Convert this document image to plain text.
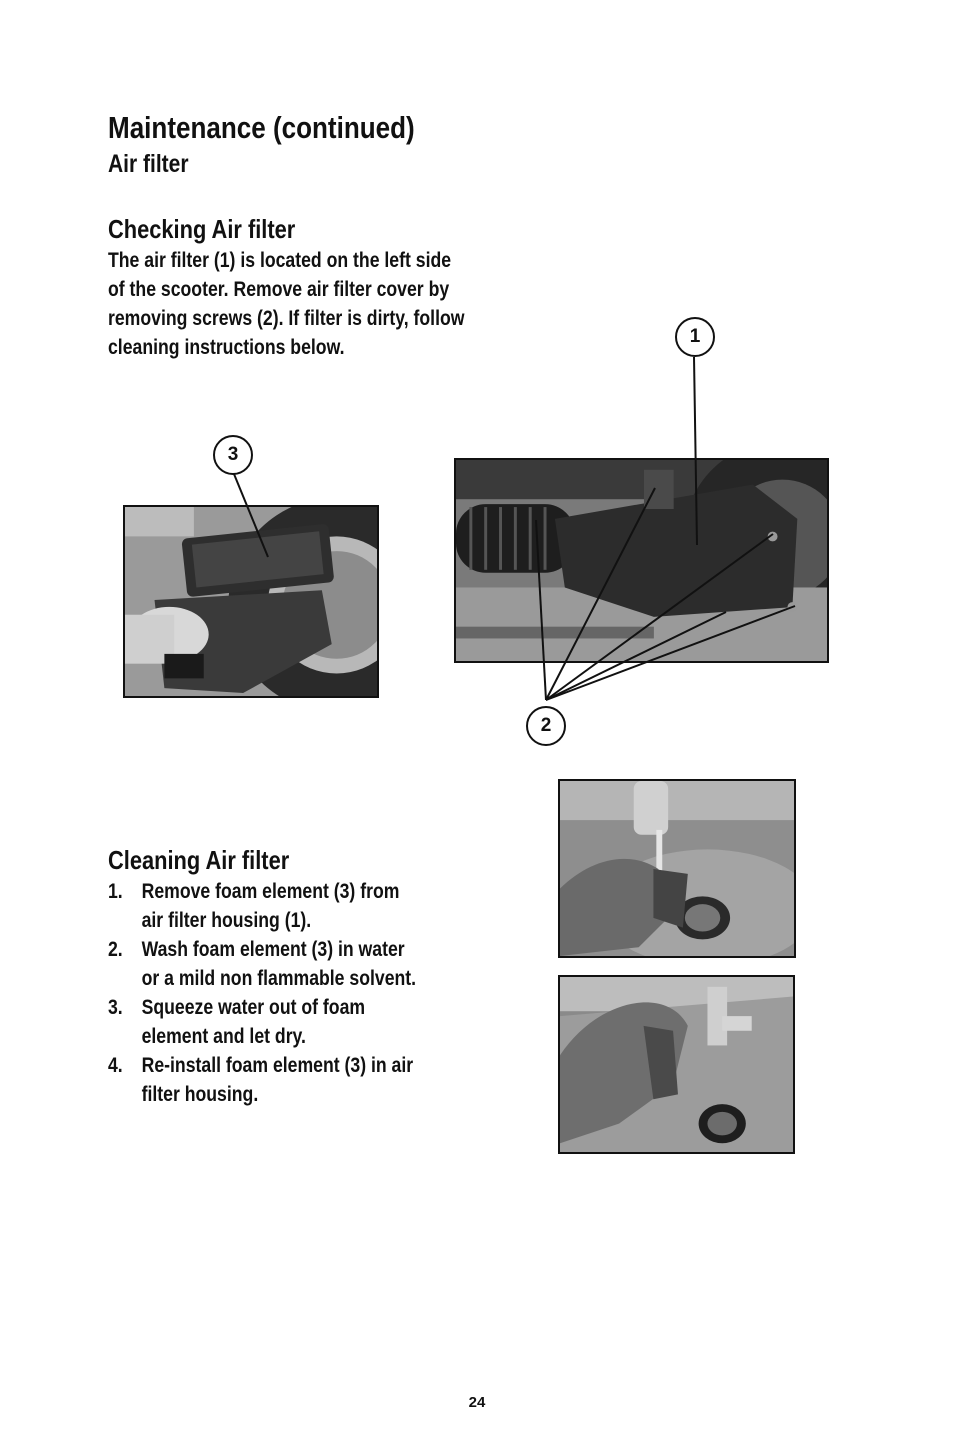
Maintenance (continued)
Air filter
Checking Air filter
The air filter (1) is located on the left side
of the scooter. Remove air filter cover by
removing screws (2). If filter is dirty, follow
cleaning instructions below.	1
3
2
Cleaning Air filter
1. Remove foam element (3) from
air filter housing (1).
2. Wash foam element (3) in water
or a mild non flammable solvent.
3. Squeeze water out of foam
element and let dry.
4. Re-install foam element (3) in air
filter housing.
24
